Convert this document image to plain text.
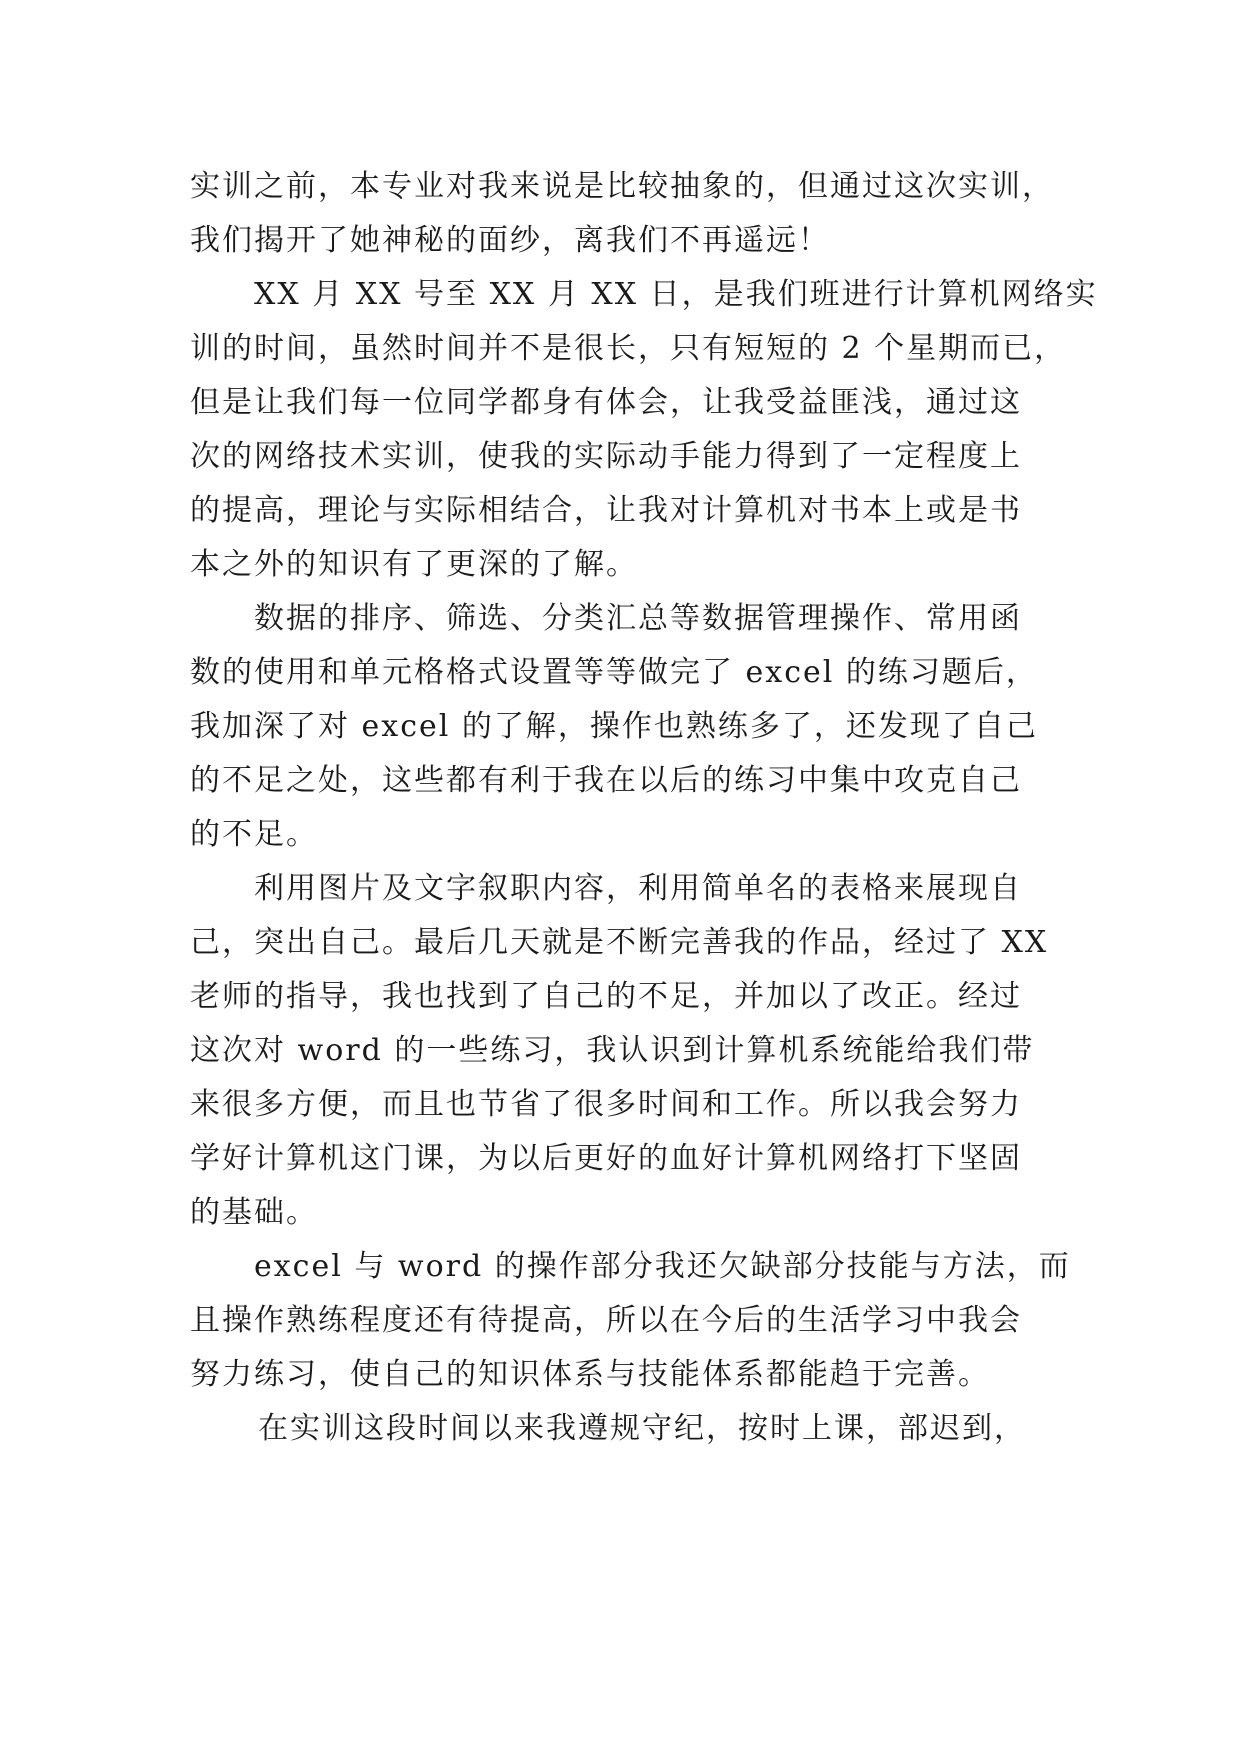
实训之前，本专业对我来说是比较抽象的，但通过这次实训，
我们揭开了她神秘的面纱，离我们不再遥远！
XX 月 XX 号至 XX 月 XX 日，是我们班进行计算机网络实
训的时间，虽然时间并不是很长，只有短短的 2 个星期而已，
但是让我们每一位同学都身有体会，让我受益匪浅，通过这
次的网络技术实训，使我的实际动手能力得到了一定程度上
的提高，理论与实际相结合，让我对计算机对书本上或是书
本之外的知识有了更深的了解。
数据的排序、筛选、分类汇总等数据管理操作、常用函
数的使用和单元格格式设置等等做完了 excel 的练习题后，
我加深了对 excel 的了解，操作也熟练多了，还发现了自己
的不足之处，这些都有利于我在以后的练习中集中攻克自己
的不足。
利用图片及文字叙职内容，利用简单名的表格来展现自
己，突出自己。最后几天就是不断完善我的作品，经过了 XX
老师的指导，我也找到了自己的不足，并加以了改正。经过
这次对 word 的一些练习，我认识到计算机系统能给我们带
来很多方便，而且也节省了很多时间和工作。所以我会努力
学好计算机这门课，为以后更好的血好计算机网络打下坚固
的基础。
excel 与 word 的操作部分我还欠缺部分技能与方法，而
且操作熟练程度还有待提高，所以在今后的生活学习中我会
努力练习，使自己的知识体系与技能体系都能趋于完善。
在实训这段时间以来我遵规守纪，按时上课，部迟到，
